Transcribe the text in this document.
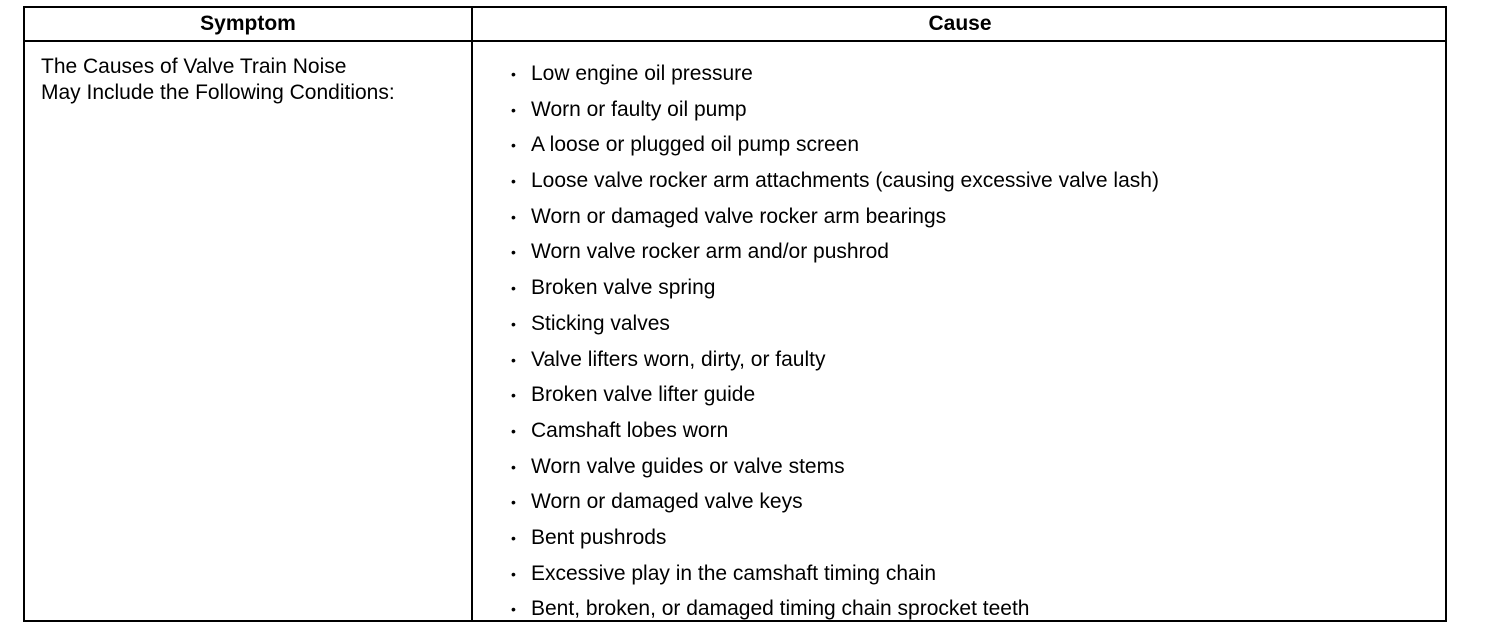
Symptom	Cause
The Causes of Valve Train Noise
May Include the Following Conditions:
• Low engine oil pressure
• Worn or faulty oil pump
• A loose or plugged oil pump screen
• Loose valve rocker arm attachments (causing excessive valve lash)
• Worn or damaged valve rocker arm bearings
• Worn valve rocker arm and/or pushrod
• Broken valve spring
• Sticking valves
• Valve lifters worn, dirty, or faulty
• Broken valve lifter guide
• Camshaft lobes worn
• Worn valve guides or valve stems
• Worn or damaged valve keys
• Bent pushrods
• Excessive play in the camshaft timing chain
• Bent, broken, or damaged timing chain sprocket teeth
